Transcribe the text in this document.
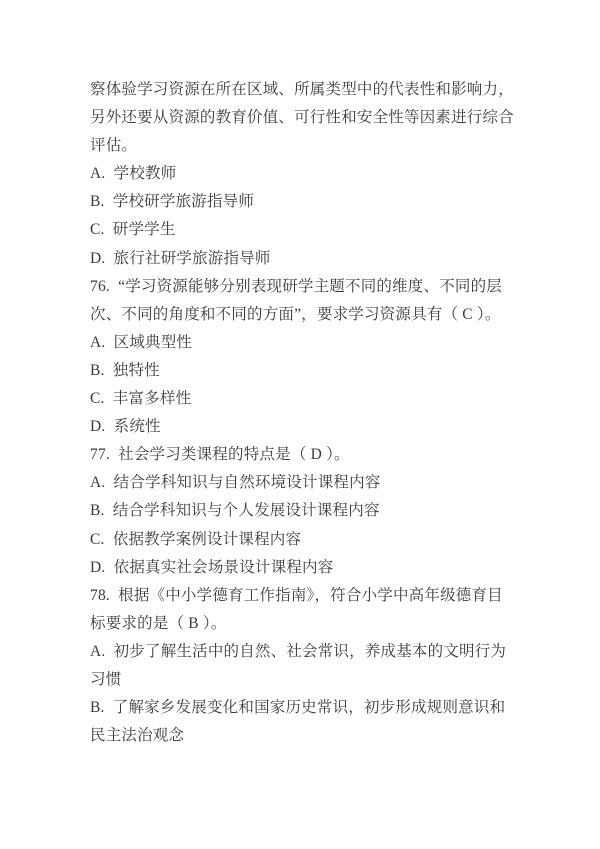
察体验学习资源在所在区域、所属类型中的代表性和影响力，
另外还要从资源的教育价值、可行性和安全性等因素进行综合
评估。
A.  学校教师
B.  学校研学旅游指导师
C.  研学学生
D.  旅行社研学旅游指导师
76.  “学习资源能够分别表现研学主题不同的维度、不同的层
次、不同的角度和不同的方面”，要求学习资源具有（ C ）。
A.  区域典型性
B.  独特性
C.  丰富多样性
D.  系统性
77.  社会学习类课程的特点是（ D ）。
A.  结合学科知识与自然环境设计课程内容
B.  结合学科知识与个人发展设计课程内容
C.  依据教学案例设计课程内容
D.  依据真实社会场景设计课程内容
78.  根据《中小学德育工作指南》，符合小学中高年级德育目
标要求的是（ B ）。
A.  初步了解生活中的自然、社会常识，养成基本的文明行为
习惯
B.  了解家乡发展变化和国家历史常识，初步形成规则意识和
民主法治观念
